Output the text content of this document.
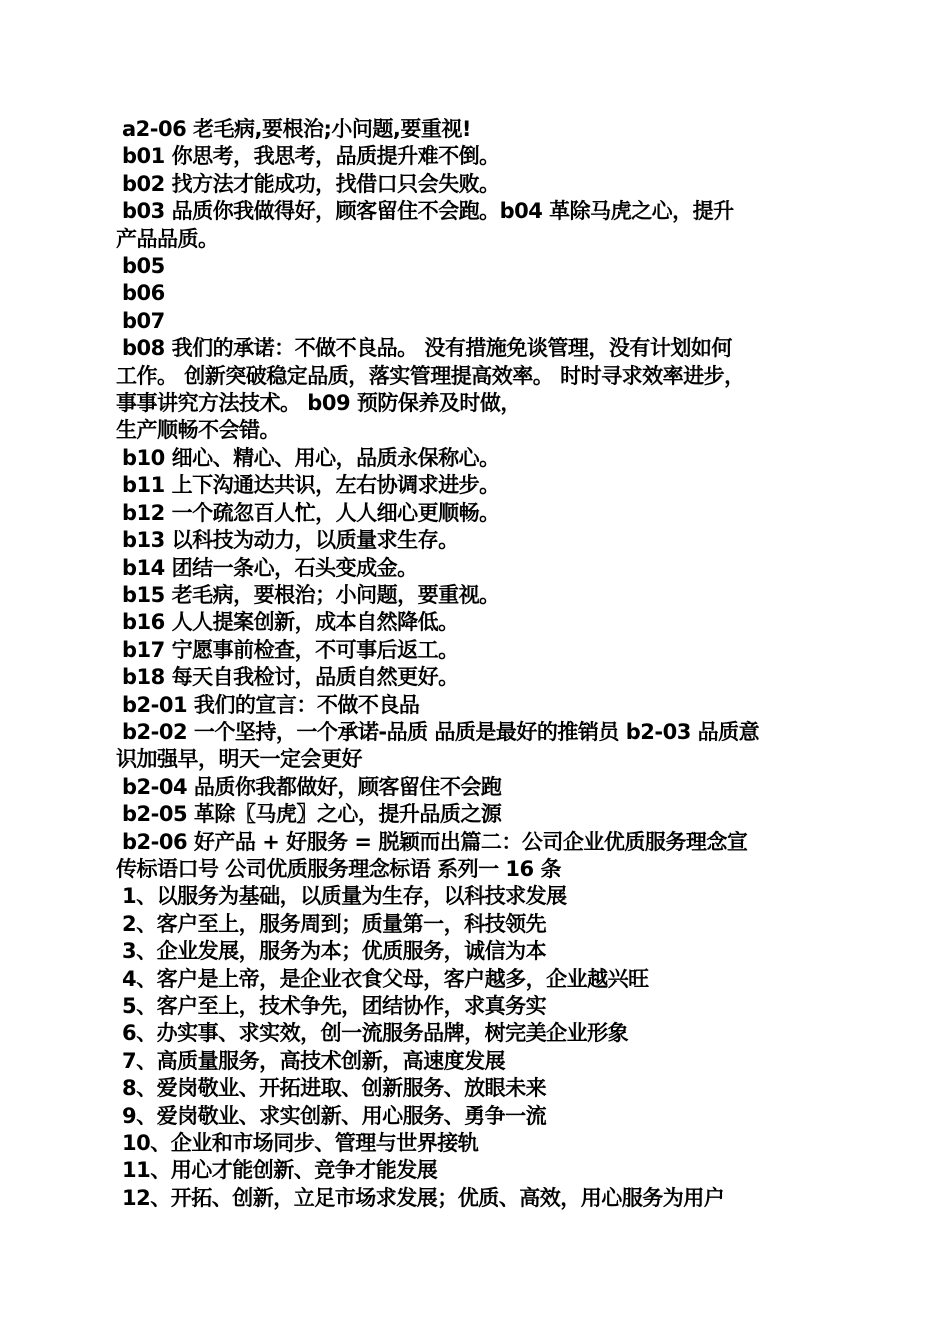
a2-06 老毛病,要根治;小问题,要重视!
b01 你思考，我思考，品质提升难不倒。
b02 找方法才能成功，找借口只会失败。
b03 品质你我做得好，顾客留住不会跑。b04 革除马虎之心，提升
产品品质。
b05
b06
b07
b08 我们的承诺：不做不良品。 没有措施免谈管理，没有计划如何
工作。 创新突破稳定品质，落实管理提高效率。 时时寻求效率进步，
事事讲究方法技术。 b09 预防保养及时做，
生产顺畅不会错。
b10 细心、精心、用心，品质永保称心。
b11 上下沟通达共识，左右协调求进步。
b12 一个疏忽百人忙，人人细心更顺畅。
b13 以科技为动力，以质量求生存。
b14 团结一条心，石头变成金。
b15 老毛病，要根治；小问题，要重视。
b16 人人提案创新，成本自然降低。
b17 宁愿事前检查，不可事后返工。
b18 每天自我检讨，品质自然更好。
b2-01 我们的宣言：不做不良品
b2-02 一个坚持，一个承诺-品质 品质是最好的推销员 b2-03 品质意
识加强早，明天一定会更好
b2-04 品质你我都做好，顾客留住不会跑
b2-05 革除〖马虎〗之心，提升品质之源
b2-06 好产品 + 好服务 = 脱颖而出篇二：公司企业优质服务理念宣
传标语口号 公司优质服务理念标语 系列一 16 条
1、以服务为基础，以质量为生存，以科技求发展
2、客户至上，服务周到；质量第一，科技领先
3、企业发展，服务为本；优质服务，诚信为本
4、客户是上帝，是企业衣食父母，客户越多，企业越兴旺
5、客户至上，技术争先，团结协作，求真务实
6、办实事、求实效，创一流服务品牌，树完美企业形象
7、高质量服务，高技术创新，高速度发展
8、爱岗敬业、开拓进取、创新服务、放眼未来
9、爱岗敬业、求实创新、用心服务、勇争一流
10、企业和市场同步、管理与世界接轨
11、用心才能创新、竞争才能发展
12、开拓、创新，立足市场求发展；优质、高效，用心服务为用户
